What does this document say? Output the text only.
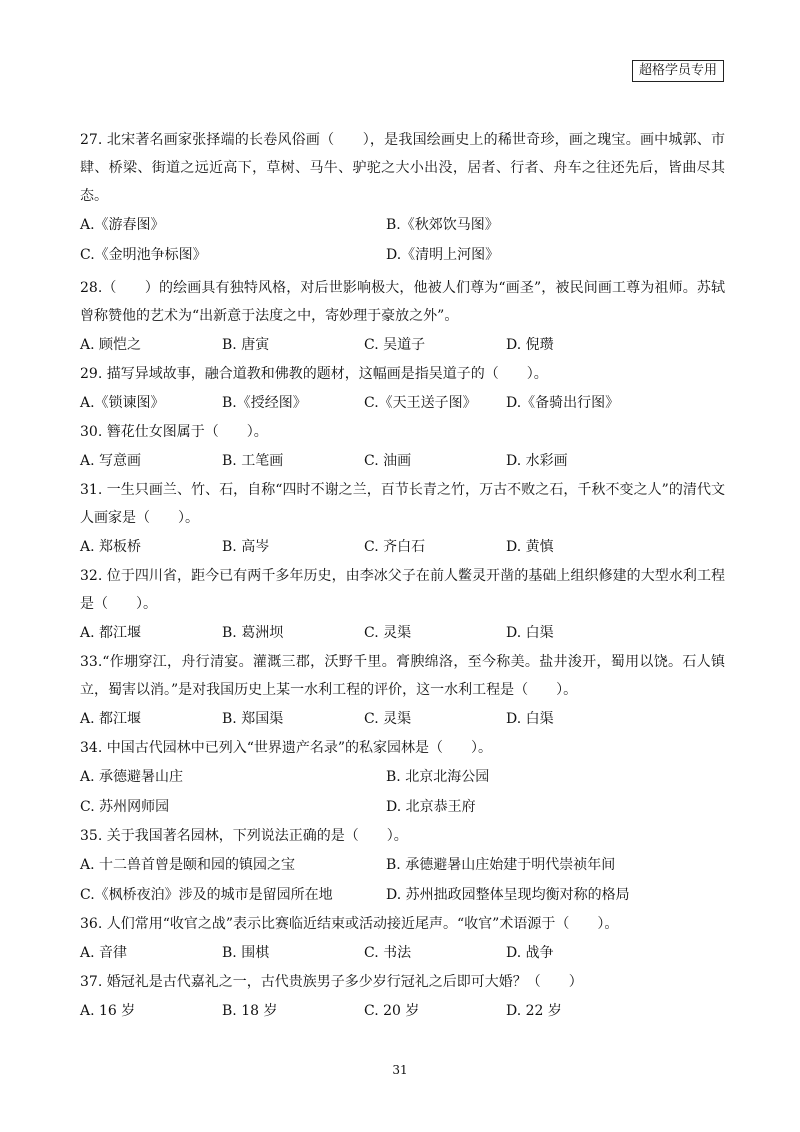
超格学员专用

27. 北宋著名画家张择端的长卷风俗画（　　），是我国绘画史上的稀世奇珍，画之瑰宝。画中城郭、市肆、桥梁、街道之远近高下，草树、马牛、驴驼之大小出没，居者、行者、舟车之往还先后，皆曲尽其态。

A.《游春图》	B.《秋郊饮马图》
C.《金明池争标图》	D.《清明上河图》

28.（　　）的绘画具有独特风格，对后世影响极大，他被人们尊为“画圣”，被民间画工尊为祖师。苏轼曾称赞他的艺术为“出新意于法度之中，寄妙理于豪放之外”。

A. 顾恺之	B. 唐寅	C. 吴道子	D. 倪瓒

29. 描写异域故事，融合道教和佛教的题材，这幅画是指吴道子的（　　）。

A.《锁谏图》	B.《授经图》	C.《天王送子图》	D.《备骑出行图》

30. 簪花仕女图属于（　　）。

A. 写意画	B. 工笔画	C. 油画	D. 水彩画

31. 一生只画兰、竹、石，自称“四时不谢之兰，百节长青之竹，万古不败之石，千秋不变之人”的清代文人画家是（　　）。

A. 郑板桥	B. 高岑	C. 齐白石	D. 黄慎

32. 位于四川省，距今已有两千多年历史，由李冰父子在前人鳖灵开凿的基础上组织修建的大型水利工程是（　　）。

A. 都江堰	B. 葛洲坝	C. 灵渠	D. 白渠

33.“作堋穿江，舟行清宴。灌溉三郡，沃野千里。膏腴绵洛，至今称美。盐井浚开，蜀用以饶。石人镇立，蜀害以消。”是对我国历史上某一水利工程的评价，这一水利工程是（　　）。

A. 都江堰	B. 郑国渠	C. 灵渠	D. 白渠

34. 中国古代园林中已列入“世界遗产名录”的私家园林是（　　）。

A. 承德避暑山庄	B. 北京北海公园
C. 苏州网师园	D. 北京恭王府

35. 关于我国著名园林，下列说法正确的是（　　）。

A. 十二兽首曾是颐和园的镇园之宝	B. 承德避暑山庄始建于明代崇祯年间
C.《枫桥夜泊》涉及的城市是留园所在地	D. 苏州拙政园整体呈现均衡对称的格局

36. 人们常用“收官之战”表示比赛临近结束或活动接近尾声。“收官”术语源于（　　）。

A. 音律	B. 围棋	C. 书法	D. 战争

37. 婚冠礼是古代嘉礼之一，古代贵族男子多少岁行冠礼之后即可大婚？（　　）

A. 16 岁	B. 18 岁	C. 20 岁	D. 22 岁
31
